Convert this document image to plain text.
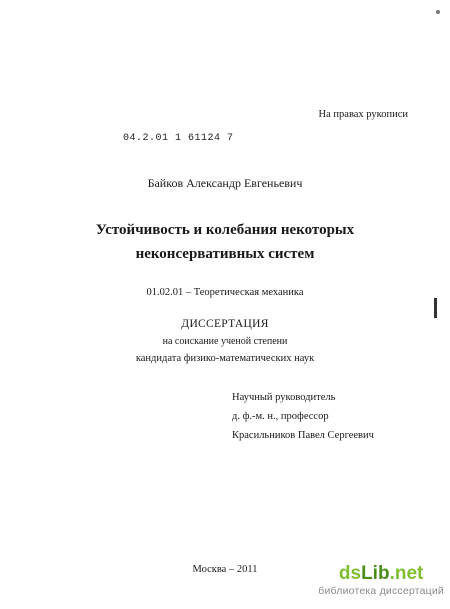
На правах рукописи
04.2.01 1 61124 7
Байков Александр Евгеньевич
Устойчивость и колебания некоторых
неконсервативных систем
01.02.01 – Теоретическая механика
ДИССЕРТАЦИЯ
на соискание ученой степени
кандидата физико-математических наук
Научный руководитель
д. ф.-м. н., профессор
Красильников Павел Сергеевич
Москва – 2011	dsLib.net
библиотека диссертаций
